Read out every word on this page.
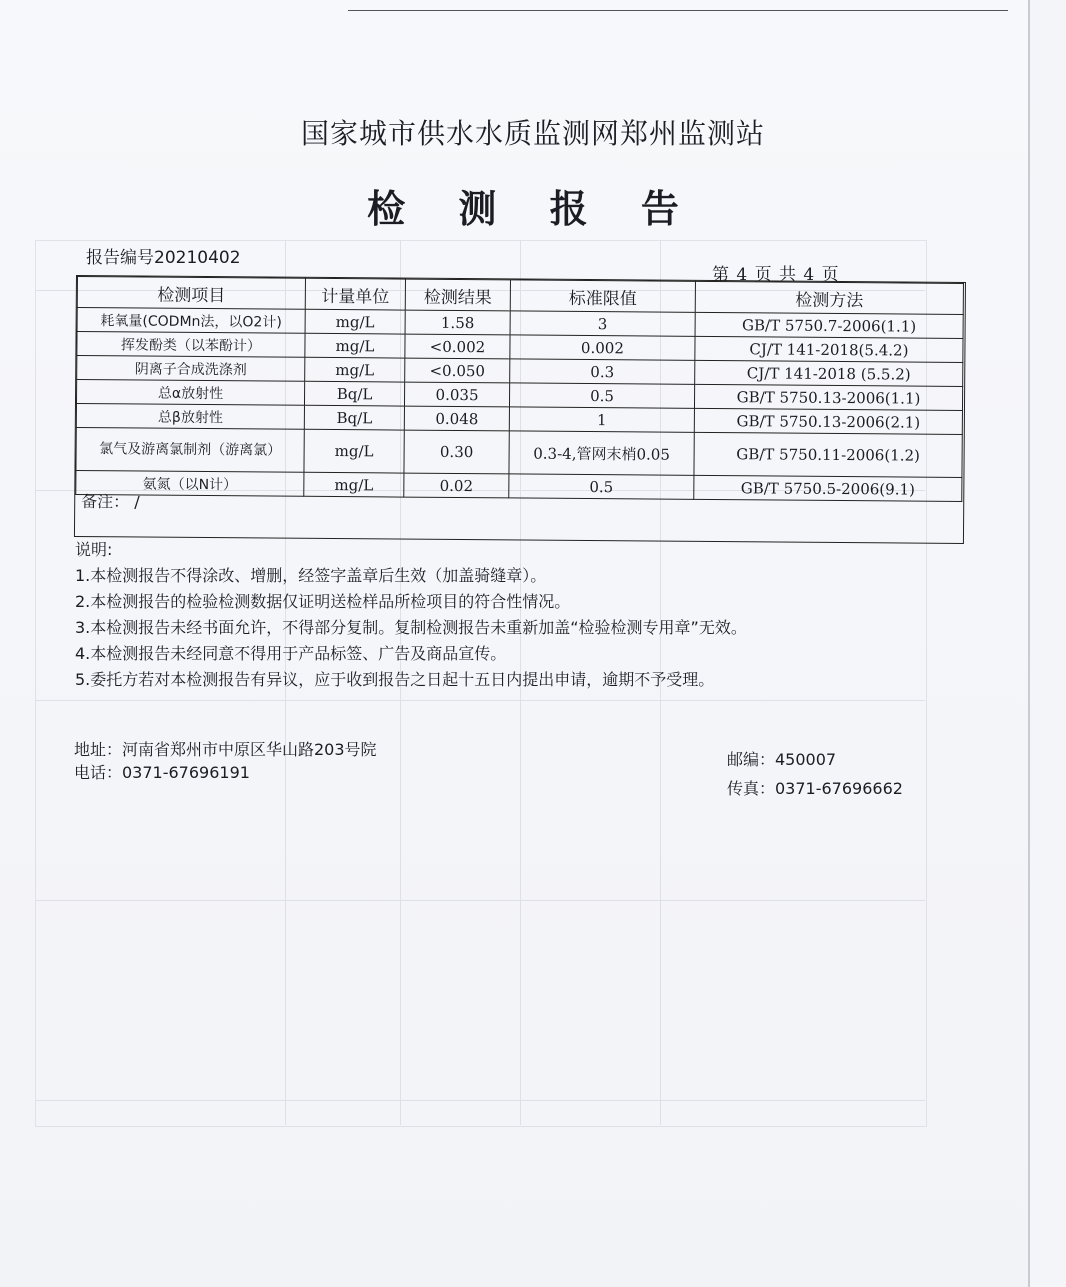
国家城市供水水质监测网郑州监测站
检 测 报 告
报告编号20210402
第 4 页 共 4 页
检测项目	计量单位	检测结果	标准限值	检测方法
耗氧量(CODMn法，以O2计)	mg/L	1.58	3	GB/T 5750.7-2006(1.1)
挥发酚类（以苯酚计）	mg/L	<0.002	0.002	CJ/T 141-2018(5.4.2)
阴离子合成洗涤剂	mg/L	<0.050	0.3	CJ/T 141-2018 (5.5.2)
总α放射性	Bq/L	0.035	0.5	GB/T 5750.13-2006(1.1)
总β放射性	Bq/L	0.048	1	GB/T 5750.13-2006(2.1)
氯气及游离氯制剂（游离氯）	mg/L	0.30	0.3-4,管网末梢0.05	GB/T 5750.11-2006(1.2)
氨氮（以N计）	mg/L	0.02	0.5	GB/T 5750.5-2006(9.1)
备注： /

说明:

1.本检测报告不得涂改、增删，经签字盖章后生效（加盖骑缝章）。

2.本检测报告的检验检测数据仅证明送检样品所检项目的符合性情况。

3.本检测报告未经书面允许，不得部分复制。复制检测报告未重新加盖“检验检测专用章”无效。

4.本检测报告未经同意不得用于产品标签、广告及商品宣传。

5.委托方若对本检测报告有异议，应于收到报告之日起十五日内提出申请，逾期不予受理。

地址：河南省郑州市中原区华山路203号院
电话：0371-67696191
邮编：450007
传真：0371-67696662
